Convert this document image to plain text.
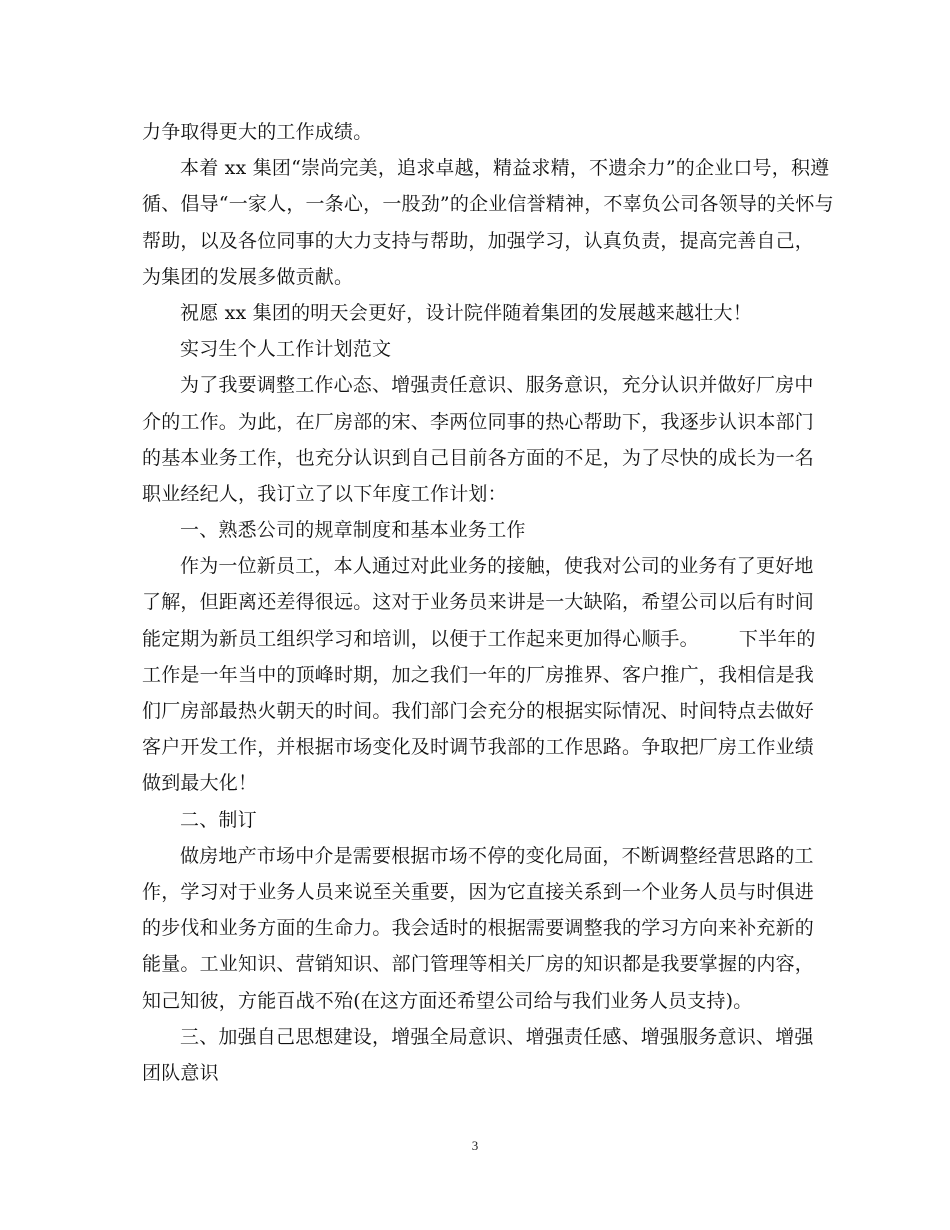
力争取得更大的工作成绩。
本着 xx 集团“崇尚完美，追求卓越，精益求精，不遗余力”的企业口号，积遵
循、倡导“一家人，一条心，一股劲”的企业信誉精神，不辜负公司各领导的关怀与
帮助，以及各位同事的大力支持与帮助，加强学习，认真负责，提高完善自己，
为集团的发展多做贡献。
祝愿 xx 集团的明天会更好，设计院伴随着集团的发展越来越壮大！
实习生个人工作计划范文
为了我要调整工作心态、增强责任意识、服务意识，充分认识并做好厂房中
介的工作。为此，在厂房部的宋、李两位同事的热心帮助下，我逐步认识本部门
的基本业务工作，也充分认识到自己目前各方面的不足，为了尽快的成长为一名
职业经纪人，我订立了以下年度工作计划：
一、熟悉公司的规章制度和基本业务工作
作为一位新员工，本人通过对此业务的接触，使我对公司的业务有了更好地
了解，但距离还差得很远。这对于业务员来讲是一大缺陷，希望公司以后有时间
能定期为新员工组织学习和培训，以便于工作起来更加得心顺手。 下半年的
工作是一年当中的顶峰时期，加之我们一年的厂房推界、客户推广，我相信是我
们厂房部最热火朝天的时间。我们部门会充分的根据实际情况、时间特点去做好
客户开发工作，并根据市场变化及时调节我部的工作思路。争取把厂房工作业绩
做到最大化！
二、制订
做房地产市场中介是需要根据市场不停的变化局面，不断调整经营思路的工
作，学习对于业务人员来说至关重要，因为它直接关系到一个业务人员与时俱进
的步伐和业务方面的生命力。我会适时的根据需要调整我的学习方向来补充新的
能量。工业知识、营销知识、部门管理等相关厂房的知识都是我要掌握的内容，
知己知彼，方能百战不殆(在这方面还希望公司给与我们业务人员支持)。
三、加强自己思想建设，增强全局意识、增强责任感、增强服务意识、增强
团队意识
3
